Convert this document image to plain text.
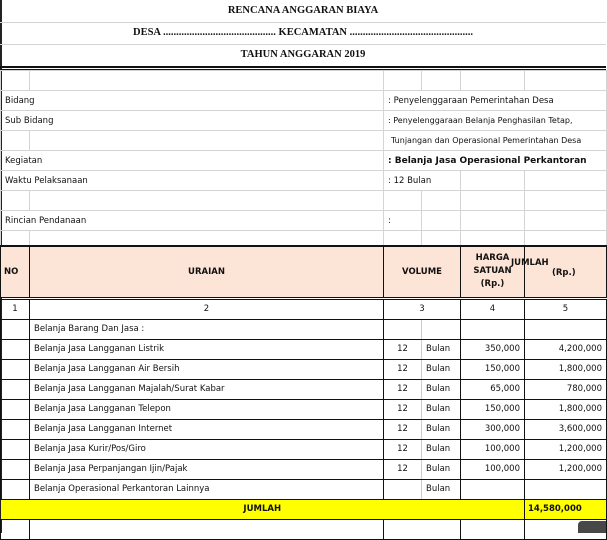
RENCANA ANGGARAN BIAYA
DESA ........................................... KECAMATAN ...............................................
TAHUN ANGGARAN 2019

Bidang		: Penyelenggaraan Pemerintahan Desa			
Sub Bidang		: Penyelenggaraan Belanja Penghasilan Tetap,			
		Tunjangan dan Operasional Pemerintahan Desa			
Kegiatan		: Belanja Jasa Operasional Perkantoran			
Waktu Pelaksanaan		: 12 Bulan			

Rincian Pendanaan		:			

NO	URAIAN	VOLUME		HARGA SATUAN (Rp.)	JUMLAH
(Rp.)

1	2	3		4	5
	Belanja Barang Dan Jasa :				
	Belanja Jasa Langganan Listrik	12	Bulan	350,000	4,200,000
	Belanja Jasa Langganan Air Bersih	12	Bulan	150,000	1,800,000
	Belanja Jasa Langganan Majalah/Surat Kabar	12	Bulan	65,000	780,000
	Belanja Jasa Langganan Telepon	12	Bulan	150,000	1,800,000
	Belanja Jasa Langganan Internet	12	Bulan	300,000	3,600,000
	Belanja Jasa Kurir/Pos/Giro	12	Bulan	100,000	1,200,000
	Belanja Jasa Perpanjangan Ijin/Pajak	12	Bulan	100,000	1,200,000
	Belanja Operasional Perkantoran Lainnya		Bulan		
JUMLAH					14,580,000
